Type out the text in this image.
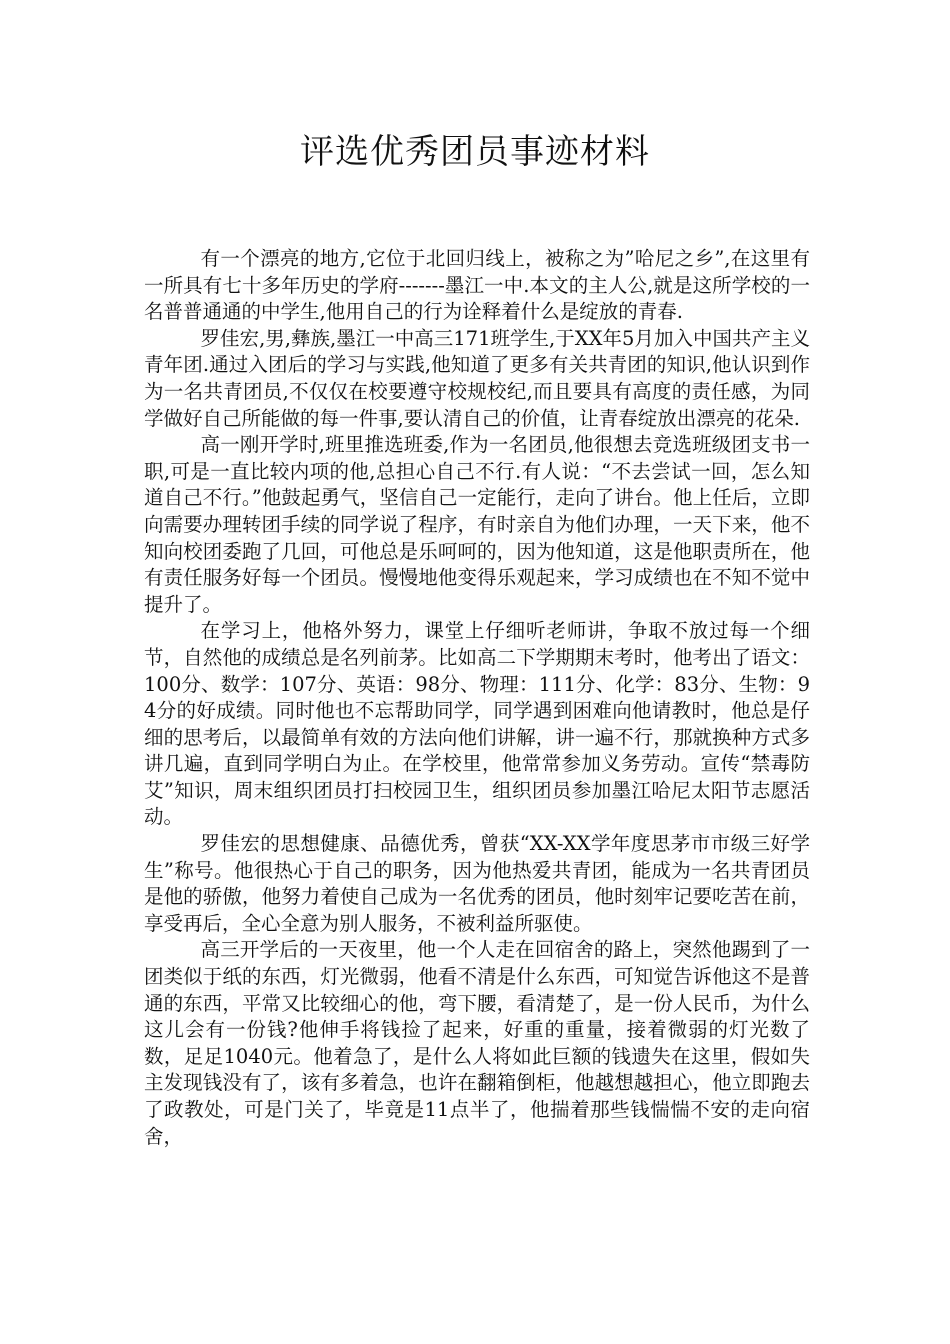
评选优秀团员事迹材料

有一个漂亮的地方,它位于北回归线上，被称之为”哈尼之乡”,在这里有一所具有七十多年历史的学府-------墨江一中.本文的主人公,就是这所学校的一名普普通通的中学生,他用自己的行为诠释着什么是绽放的青春.

罗佳宏,男,彝族,墨江一中高三171班学生,于XX年5月加入中国共产主义青年团.通过入团后的学习与实践,他知道了更多有关共青团的知识,他认识到作为一名共青团员,不仅仅在校要遵守校规校纪,而且要具有高度的责任感，为同学做好自己所能做的每一件事,要认清自己的价值，让青春绽放出漂亮的花朵.

高一刚开学时,班里推选班委,作为一名团员,他很想去竞选班级团支书一职,可是一直比较内项的他,总担心自己不行.有人说：“不去尝试一回，怎么知道自己不行。”他鼓起勇气，坚信自己一定能行，走向了讲台。他上任后，立即向需要办理转团手续的同学说了程序，有时亲自为他们办理，一天下来，他不知向校团委跑了几回，可他总是乐呵呵的，因为他知道，这是他职责所在，他有责任服务好每一个团员。慢慢地他变得乐观起来，学习成绩也在不知不觉中提升了。

在学习上，他格外努力，课堂上仔细听老师讲，争取不放过每一个细节，自然他的成绩总是名列前茅。比如高二下学期期末考时，他考出了语文：100分、数学：107分、英语：98分、物理：111分、化学：83分、生物：94分的好成绩。同时他也不忘帮助同学，同学遇到困难向他请教时，他总是仔细的思考后，以最简单有效的方法向他们讲解，讲一遍不行，那就换种方式多讲几遍，直到同学明白为止。在学校里，他常常参加义务劳动。宣传“禁毒防艾”知识，周末组织团员打扫校园卫生，组织团员参加墨江哈尼太阳节志愿活动。

罗佳宏的思想健康、品德优秀，曾获“XX-XX学年度思茅市市级三好学生”称号。他很热心于自己的职务，因为他热爱共青团，能成为一名共青团员是他的骄傲，他努力着使自己成为一名优秀的团员，他时刻牢记要吃苦在前，享受再后，全心全意为别人服务，不被利益所驱使。

高三开学后的一天夜里，他一个人走在回宿舍的路上，突然他踢到了一团类似于纸的东西，灯光微弱，他看不清是什么东西，可知觉告诉他这不是普通的东西，平常又比较细心的他，弯下腰，看清楚了，是一份人民币，为什么这儿会有一份钱?他伸手将钱捡了起来，好重的重量，接着微弱的灯光数了数，足足1040元。他着急了，是什么人将如此巨额的钱遗失在这里，假如失主发现钱没有了，该有多着急，也许在翻箱倒柜，他越想越担心，他立即跑去了政教处，可是门关了，毕竟是11点半了，他揣着那些钱惴惴不安的走向宿舍，
